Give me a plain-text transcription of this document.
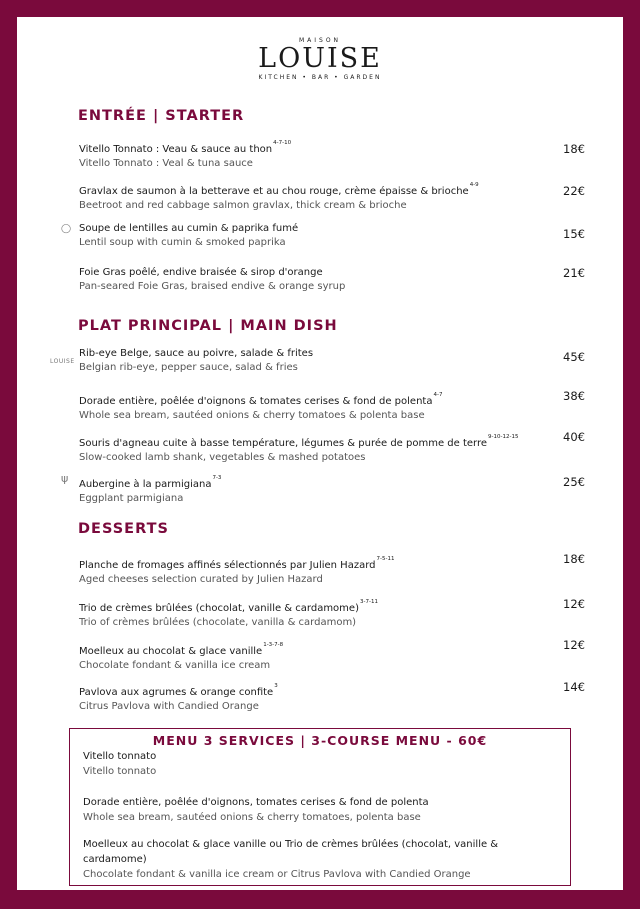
MAISON
LOUISE
KITCHEN • BAR • GARDEN
ENTRÉE | STARTER
Vitello Tonnato : Veau & sauce au thon$^{4-7-10}$
Vitello Tonnato : Veal & tuna sauce
18€
Gravlax de saumon à la betterave et au chou rouge, crème épaisse & brioche$^{4-9}$
Beetroot and red cabbage salmon gravlax, thick cream & brioche
22€
◯ Soupe de lentilles au cumin & paprika fumé
Lentil soup with cumin & smoked paprika
15€
Foie Gras poêlé, endive braisée & sirop d'orange
Pan-seared Foie Gras, braised endive & orange syrup
21€
PLAT PRINCIPAL | MAIN DISH
LOUISE
Rib-eye Belge, sauce au poivre, salade & frites
Belgian rib-eye, pepper sauce, salad & fries
45€
Dorade entière, poêlée d'oignons & tomates cerises & fond de polenta$^{4-7}$
Whole sea bream, sautéed onions & cherry tomatoes & polenta base
38€
Souris d'agneau cuite à basse température, légumes & purée de pomme de terre$^{9-10-12-15}$
Slow-cooked lamb shank, vegetables & mashed potatoes
40€
ψ Aubergine à la parmigiana$^{7-3}$
Eggplant parmigiana
25€
DESSERTS
Planche de fromages affinés sélectionnés par Julien Hazard$^{7-5-11}$
Aged cheeses selection curated by Julien Hazard
18€
Trio de crèmes brûlées (chocolat, vanille & cardamome)$^{3-7-11}$
Trio of crèmes brûlées (chocolate, vanilla & cardamom)
12€
Moelleux au chocolat & glace vanille$^{1-3-7-8}$
Chocolate fondant & vanilla ice cream
12€
Pavlova aux agrumes & orange confite$^3$
Citrus Pavlova with Candied Orange
14€
MENU 3 SERVICES | 3-COURSE MENU - 60€
Vitello tonnato
Vitello tonnato
Dorade entière, poêlée d'oignons, tomates cerises & fond de polenta
Whole sea bream, sautéed onions & cherry tomatoes, polenta base
Moelleux au chocolat & glace vanille ou Trio de crèmes brûlées (chocolat, vanille & cardamome)
Chocolate fondant & vanilla ice cream or Citrus Pavlova with Candied Orange
